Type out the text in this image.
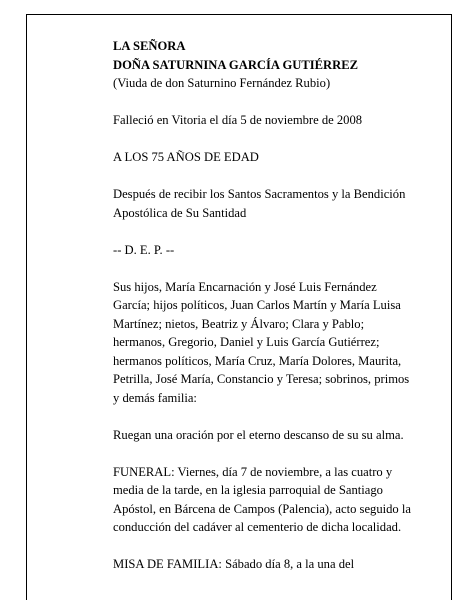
LA SEÑORA
DOÑA SATURNINA GARCÍA GUTIÉRREZ
(Viuda de don Saturnino Fernández Rubio)

Falleció en Vitoria el día 5 de noviembre de 2008

A LOS 75 AÑOS DE EDAD

Después de recibir los Santos Sacramentos y la Bendición Apostólica de Su Santidad

-- D. E. P. --

Sus hijos, María Encarnación y José Luis Fernández García; hijos políticos, Juan Carlos Martín y María Luisa Martínez; nietos, Beatriz y Álvaro; Clara y Pablo; hermanos, Gregorio, Daniel y Luis García Gutiérrez; hermanos políticos, María Cruz, María Dolores, Maurita, Petrilla, José María, Constancio y Teresa; sobrinos, primos y demás familia:

Ruegan una oración por el eterno descanso de su su alma.

FUNERAL: Viernes, día 7 de noviembre, a las cuatro y media de la tarde, en la iglesia parroquial de Santiago Apóstol, en Bárcena de Campos (Palencia), acto seguido la conducción del cadáver al cementerio de dicha localidad.

MISA DE FAMILIA: Sábado día 8, a la una del
